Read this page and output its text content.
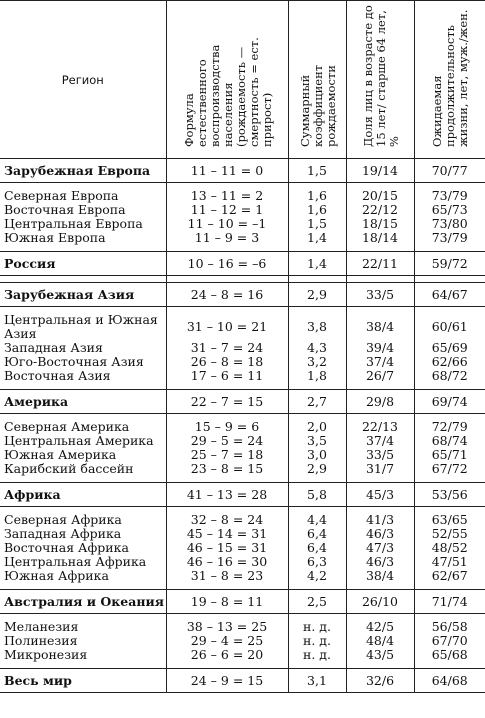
Регион	Формула естественного воспроизводства населения (рождаемость — смертность = ест. прирост)	Суммарный коэффициент рождаемости	Доля лиц в возрасте до 15 лет/ старше 64 лет, %	Ожидаемая продолжительность жизни, лет, муж./жен.

Зарубежная Европа	11 – 11 = 0	1,5	19/14	70/77

Северная Европа	13 – 11 = 2	1,6	20/15	73/79
Восточная Европа	11 – 12 = 1	1,6	22/12	65/73
Центральная Европа	11 – 10 = –1	1,5	18/15	73/80
Южная Европа	11 – 9 = 3	1,4	18/14	73/79

Россия	10 – 16 = –6	1,4	22/11	59/72

Зарубежная Азия	24 – 8 = 16	2,9	33/5	64/67

Центральная и Южная Азия	31 – 10 = 21	3,8	38/4	60/61
Западная Азия	31 – 7 = 24	4,3	39/4	65/69
Юго-Восточная Азия	26 – 8 = 18	3,2	37/4	62/66
Восточная Азия	17 – 6 = 11	1,8	26/7	68/72

Америка	22 – 7 = 15	2,7	29/8	69/74

Северная Америка	15 – 9 = 6	2,0	22/13	72/79
Центральная Америка	29 – 5 = 24	3,5	37/4	68/74
Южная Америка	25 – 7 = 18	3,0	33/5	65/71
Карибский бассейн	23 – 8 = 15	2,9	31/7	67/72

Африка	41 – 13 = 28	5,8	45/3	53/56

Северная Африка	32 – 8 = 24	4,4	41/3	63/65
Западная Африка	45 – 14 = 31	6,4	46/3	52/55
Восточная Африка	46 – 15 = 31	6,4	47/3	48/52
Центральная Африка	46 – 16 = 30	6,3	46/3	47/51
Южная Африка	31 – 8 = 23	4,2	38/4	62/67

Австралия и Океания	19 – 8 = 11	2,5	26/10	71/74

Меланезия	38 – 13 = 25	н. д.	42/5	56/58
Полинезия	29 – 4 = 25	н. д.	48/4	67/70
Микронезия	26 – 6 = 20	н. д.	43/5	65/68

Весь мир	24 – 9 = 15	3,1	32/6	64/68
